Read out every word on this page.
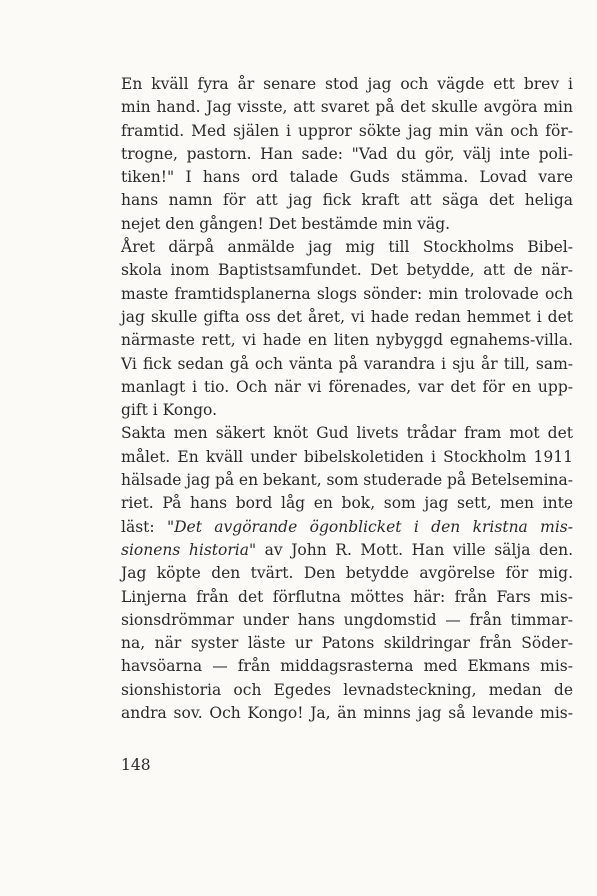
En kväll fyra år senare stod jag och vägde ett brev i
min hand. Jag visste, att svaret på det skulle avgöra min
framtid. Med själen i uppror sökte jag min vän och för-
trogne, pastorn. Han sade: "Vad du gör, välj inte poli-
tiken!" I hans ord talade Guds stämma. Lovad vare
hans namn för att jag fick kraft att säga det heliga
nejet den gången! Det bestämde min väg.

Året därpå anmälde jag mig till Stockholms Bibel-
skola inom Baptistsamfundet. Det betydde, att de när-
maste framtidsplanerna slogs sönder: min trolovade och
jag skulle gifta oss det året, vi hade redan hemmet i det
närmaste rett, vi hade en liten nybyggd egnahems-villa.
Vi fick sedan gå och vänta på varandra i sju år till, sam-
manlagt i tio. Och när vi förenades, var det för en upp-
gift i Kongo.

Sakta men säkert knöt Gud livets trådar fram mot det
målet. En kväll under bibelskoletiden i Stockholm 1911
hälsade jag på en bekant, som studerade på Betelsemina-
riet. På hans bord låg en bok, som jag sett, men inte
läst: "Det avgörande ögonblicket i den kristna mis-
sionens historia" av John R. Mott. Han ville sälja den.
Jag köpte den tvärt. Den betydde avgörelse för mig.
Linjerna från det förflutna möttes här: från Fars mis-
sionsdrömmar under hans ungdomstid — från timmar-
na, när syster läste ur Patons skildringar från Söder-
havsöarna — från middagsrasterna med Ekmans mis-
sionshistoria och Egedes levnadsteckning, medan de
andra sov. Och Kongo! Ja, än minns jag så levande mis-

148
